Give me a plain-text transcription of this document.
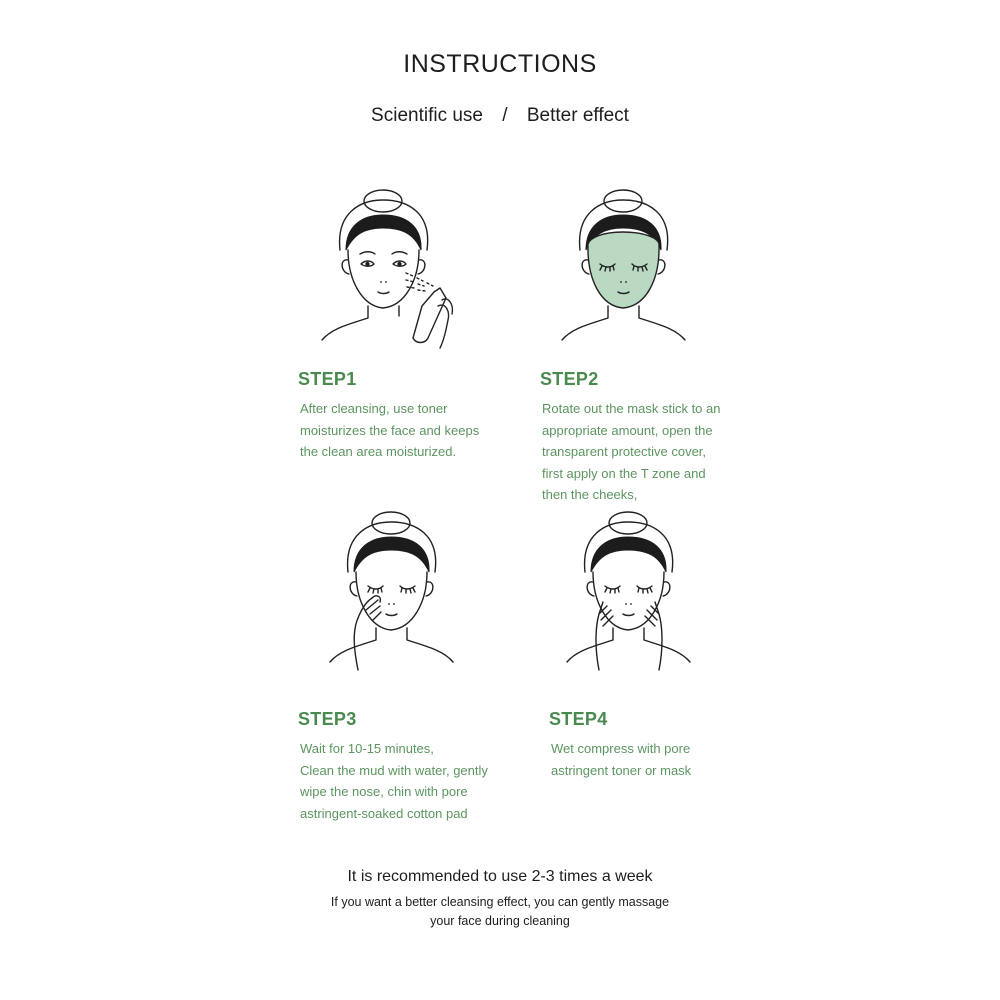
INSTRUCTIONS
Scientific use / Better effect
STEP1
After cleansing, use toner
moisturizes the face and keeps
the clean area moisturized.
STEP2
Rotate out the mask stick to an
appropriate amount, open the
transparent protective cover,
first apply on the T zone and
then the cheeks,
STEP3
Wait for 10-15 minutes,
Clean the mud with water, gently
wipe the nose, chin with pore
astringent-soaked cotton pad
STEP4
Wet compress with pore
astringent toner or mask
It is recommended to use 2-3 times a week
If you want a better cleansing effect, you can gently massage
your face during cleaning
